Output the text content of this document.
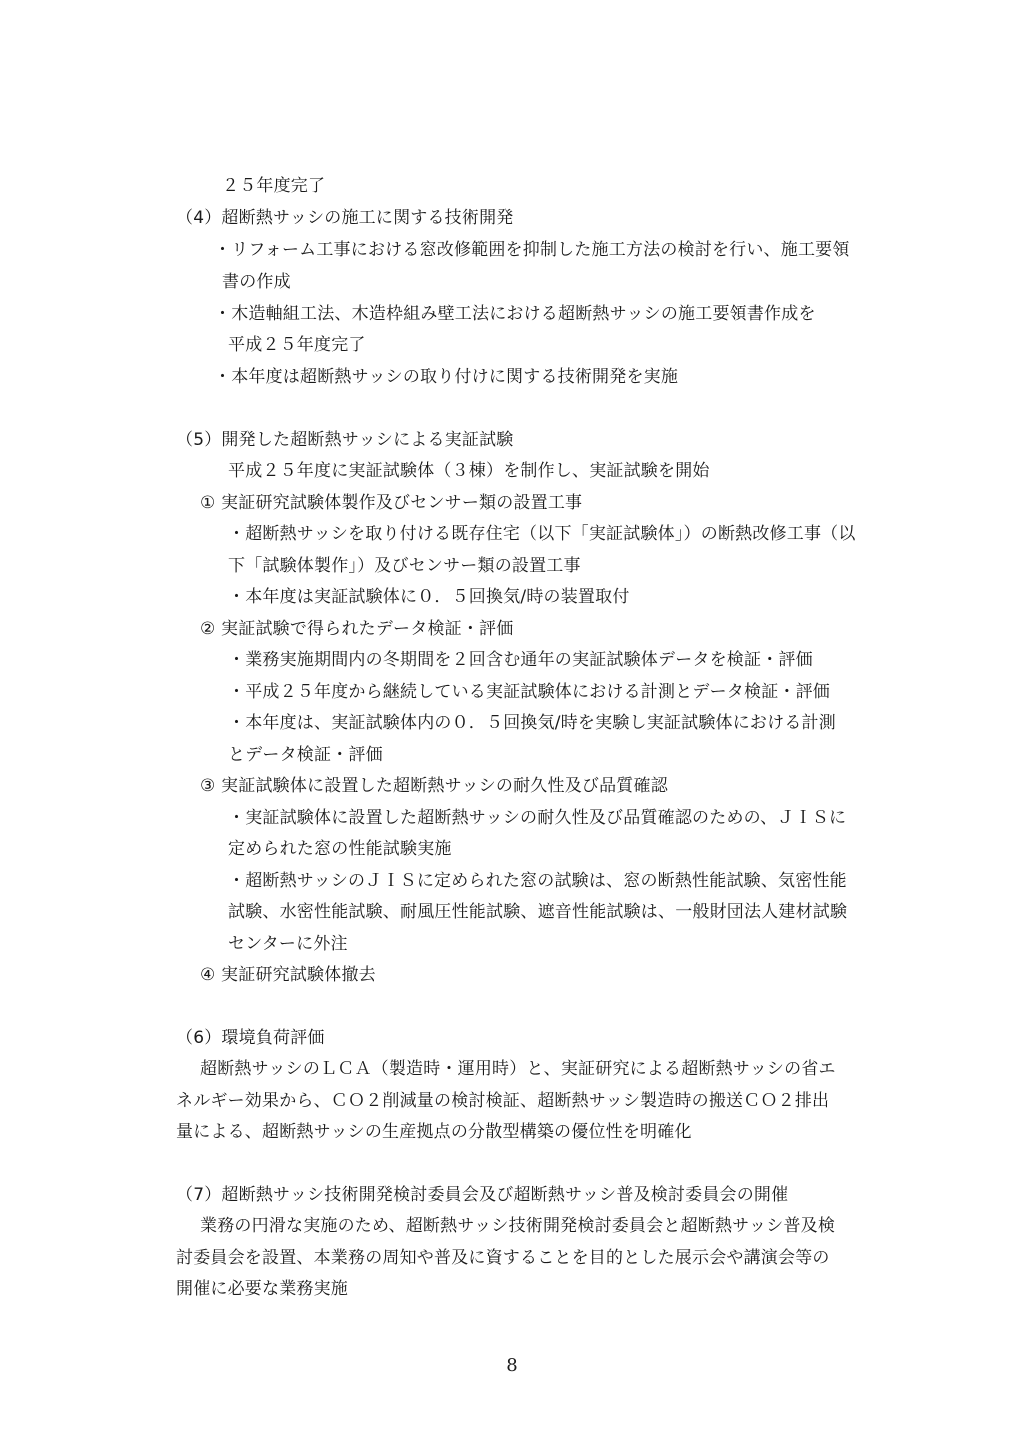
２５年度完了
（4）超断熱サッシの施工に関する技術開発
・リフォーム工事における窓改修範囲を抑制した施工方法の検討を行い、施工要領
書の作成
・木造軸組工法、木造枠組み壁工法における超断熱サッシの施工要領書作成を
平成２５年度完了
・本年度は超断熱サッシの取り付けに関する技術開発を実施
（5）開発した超断熱サッシによる実証試験
平成２５年度に実証試験体（３棟）を制作し、実証試験を開始
① 実証研究試験体製作及びセンサー類の設置工事
・超断熱サッシを取り付ける既存住宅（以下「実証試験体」）の断熱改修工事（以
下「試験体製作」）及びセンサー類の設置工事
・本年度は実証試験体に０．５回換気/時の装置取付
② 実証試験で得られたデータ検証・評価
・業務実施期間内の冬期間を２回含む通年の実証試験体データを検証・評価
・平成２５年度から継続している実証試験体における計測とデータ検証・評価
・本年度は、実証試験体内の０．５回換気/時を実験し実証試験体における計測
とデータ検証・評価
③ 実証試験体に設置した超断熱サッシの耐久性及び品質確認
・実証試験体に設置した超断熱サッシの耐久性及び品質確認のための、ＪＩＳに
定められた窓の性能試験実施
・超断熱サッシのＪＩＳに定められた窓の試験は、窓の断熱性能試験、気密性能
試験、水密性能試験、耐風圧性能試験、遮音性能試験は、一般財団法人建材試験
センターに外注
④ 実証研究試験体撤去
（6）環境負荷評価
超断熱サッシのＬＣＡ（製造時・運用時）と、実証研究による超断熱サッシの省エ
ネルギー効果から、ＣＯ２削減量の検討検証、超断熱サッシ製造時の搬送ＣＯ２排出
量による、超断熱サッシの生産拠点の分散型構築の優位性を明確化
（7）超断熱サッシ技術開発検討委員会及び超断熱サッシ普及検討委員会の開催
業務の円滑な実施のため、超断熱サッシ技術開発検討委員会と超断熱サッシ普及検
討委員会を設置、本業務の周知や普及に資することを目的とした展示会や講演会等の
開催に必要な業務実施
8
